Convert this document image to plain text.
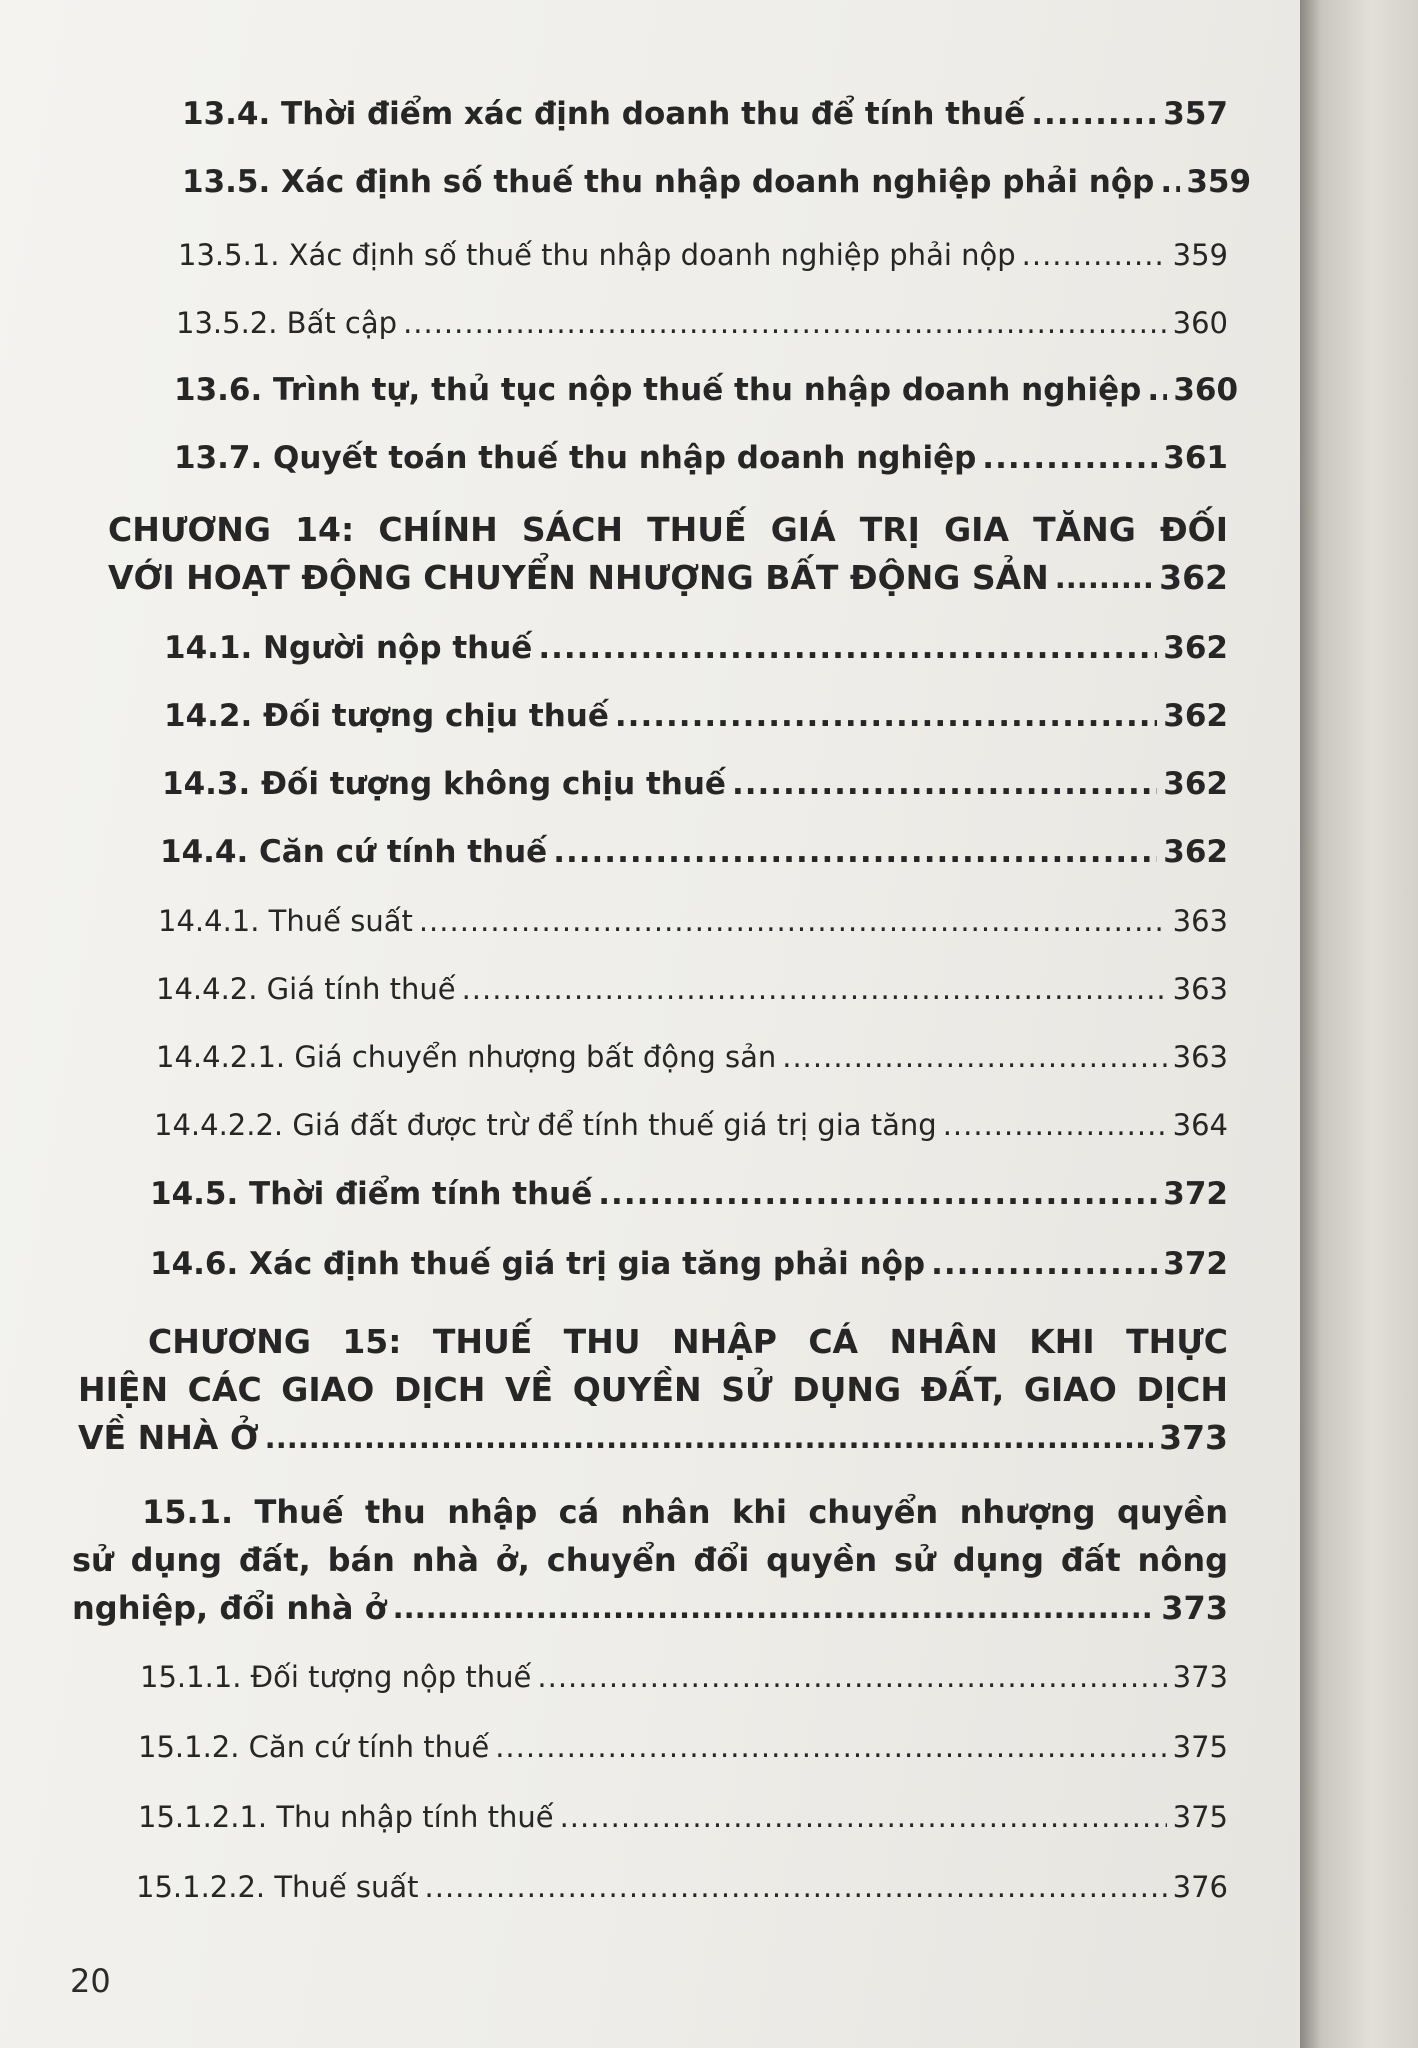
13.4. Thời điểm xác định doanh thu để tính thuế .....	357
13.5. Xác định số thuế thu nhập doanh nghiệp phải nộp ..... 359
13.5.1. Xác định số thuế thu nhập doanh nghiệp phải nộp .....	359
13.5.2. Bất cập .....	360
13.6. Trình tự, thủ tục nộp thuế thu nhập doanh nghiệp ..... 360
13.7. Quyết toán thuế thu nhập doanh nghiệp .....	361
CHƯƠNG 14: CHÍNH SÁCH THUẾ GIÁ TRỊ GIA TĂNG ĐỐI
VỚI HOẠT ĐỘNG CHUYỂN NHƯỢNG BẤT ĐỘNG SẢN .....	362
14.1. Người nộp thuế .....	362
14.2. Đối tượng chịu thuế .....	362
14.3. Đối tượng không chịu thuế .....	362
14.4. Căn cứ tính thuế .....	362
14.4.1. Thuế suất .....	363
14.4.2. Giá tính thuế .....	363
14.4.2.1. Giá chuyển nhượng bất động sản .....	363
14.4.2.2. Giá đất được trừ để tính thuế giá trị gia tăng .....	364
14.5. Thời điểm tính thuế .....	372
14.6. Xác định thuế giá trị gia tăng phải nộp .....	372
CHƯƠNG 15: THUẾ THU NHẬP CÁ NHÂN KHI THỰC
HIỆN CÁC GIAO DỊCH VỀ QUYỀN SỬ DỤNG ĐẤT, GIAO DỊCH
VỀ NHÀ Ở .....	373
15.1. Thuế thu nhập cá nhân khi chuyển nhượng quyền
sử dụng đất, bán nhà ở, chuyển đổi quyền sử dụng đất nông
nghiệp, đổi nhà ở .....	373
15.1.1. Đối tượng nộp thuế .....	373
15.1.2. Căn cứ tính thuế .....	375
15.1.2.1. Thu nhập tính thuế .....	375
15.1.2.2. Thuế suất .....	376
20
